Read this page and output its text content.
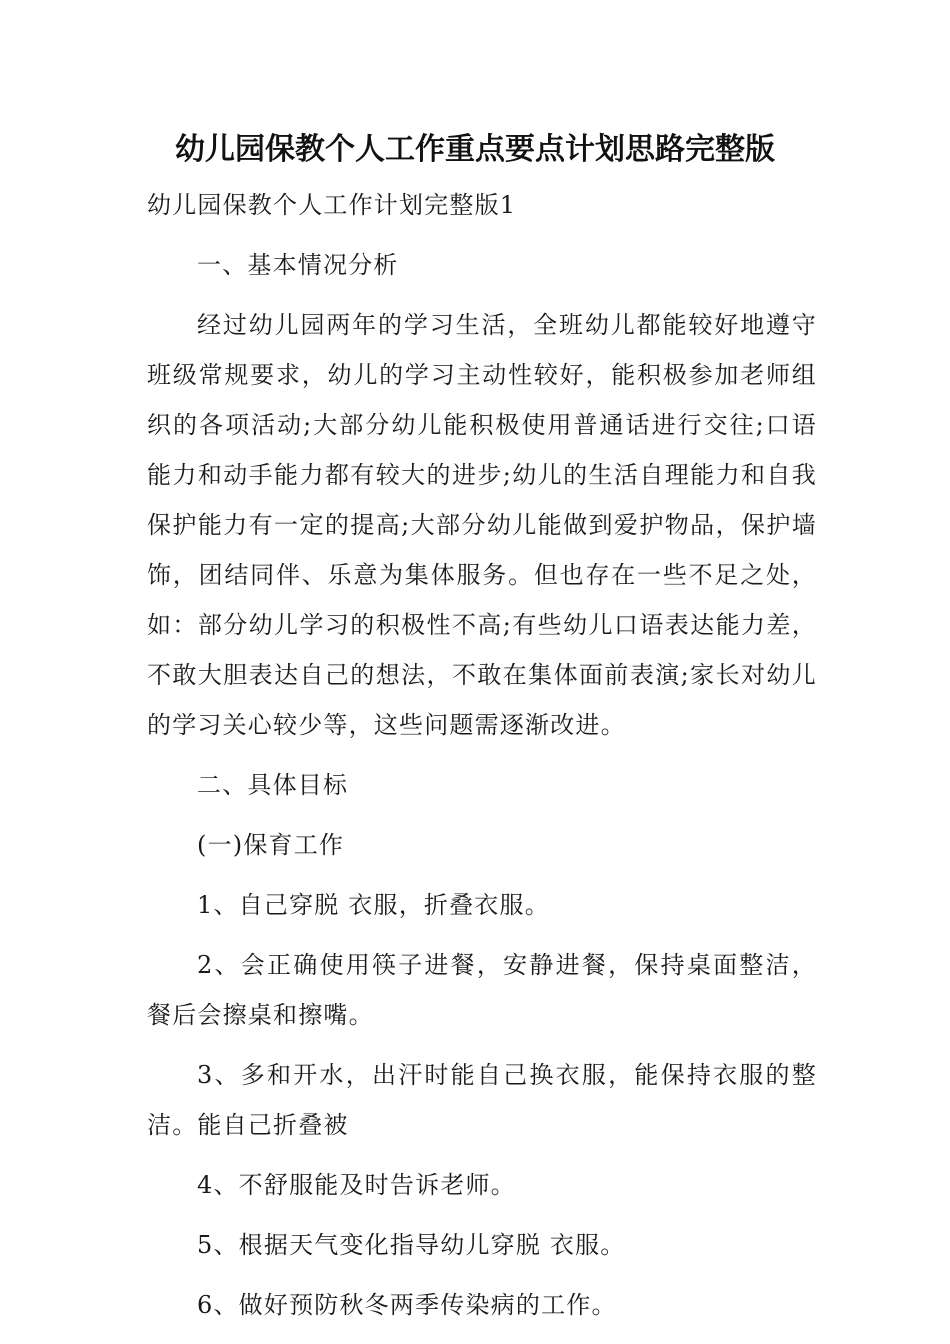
幼儿园保教个人工作重点要点计划思路完整版

幼儿园保教个人工作计划完整版1

一、基本情况分析

经过幼儿园两年的学习生活，全班幼儿都能较好地遵守班级常规要求，幼儿的学习主动性较好，能积极参加老师组织的各项活动;大部分幼儿能积极使用普通话进行交往;口语能力和动手能力都有较大的进步;幼儿的生活自理能力和自我保护能力有一定的提高;大部分幼儿能做到爱护物品，保护墙饰，团结同伴、乐意为集体服务。但也存在一些不足之处，如：部分幼儿学习的积极性不高;有些幼儿口语表达能力差，不敢大胆表达自己的想法，不敢在集体面前表演;家长对幼儿的学习关心较少等，这些问题需逐渐改进。

二、具体目标

(一)保育工作

1、自己穿脱 衣服，折叠衣服。

2、会正确使用筷子进餐，安静进餐，保持桌面整洁，餐后会擦桌和擦嘴。

3、多和开水，出汗时能自己换衣服，能保持衣服的整洁。能自己折叠被

4、不舒服能及时告诉老师。

5、根据天气变化指导幼儿穿脱 衣服。

6、做好预防秋冬两季传染病的工作。
